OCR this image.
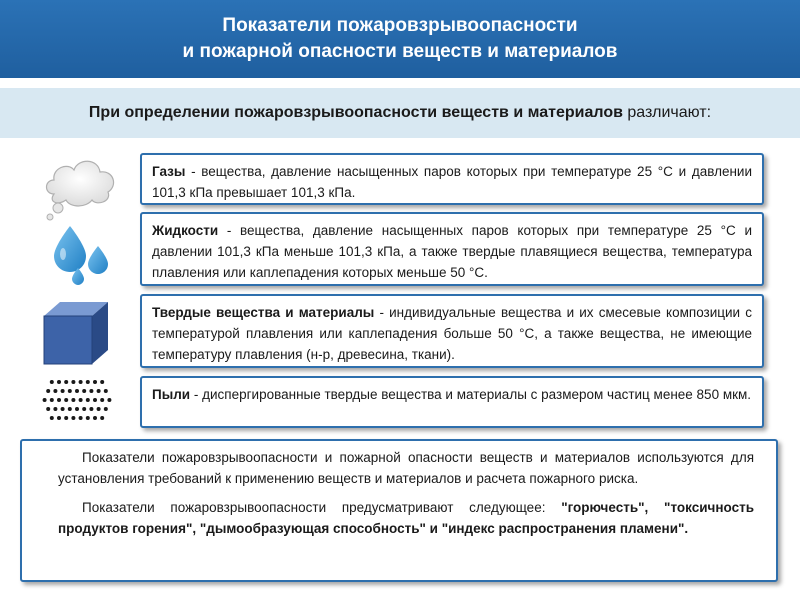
Показатели пожаровзрывоопасности
и пожарной опасности веществ и материалов
При определении пожаровзрывоопасности веществ и материалов различают:
Газы - вещества, давление насыщенных паров которых при температуре 25 °С и давлении 101,3 кПа превышает 101,3 кПа.
Жидкости - вещества, давление насыщенных паров которых при температуре 25 °С и давлении 101,3 кПа меньше 101,3 кПа, а также твердые плавящиеся вещества, температура плавления или каплепадения которых меньше 50 °С.
Твердые вещества и материалы - индивидуальные вещества и их смесевые композиции с температурой плавления или каплепадения больше 50 °С, а также вещества, не имеющие температуру плавления (н-р, древесина, ткани).
Пыли - диспергированные твердые вещества и материалы с размером частиц менее 850 мкм.

Показатели пожаровзрывоопасности и пожарной опасности веществ и материалов используются для установления требований к применению веществ и материалов и расчета пожарного риска.

Показатели пожаровзрывоопасности предусматривают следующее: "горючесть", "токсичность продуктов горения", "дымообразующая способность" и "индекс распространения пламени".
